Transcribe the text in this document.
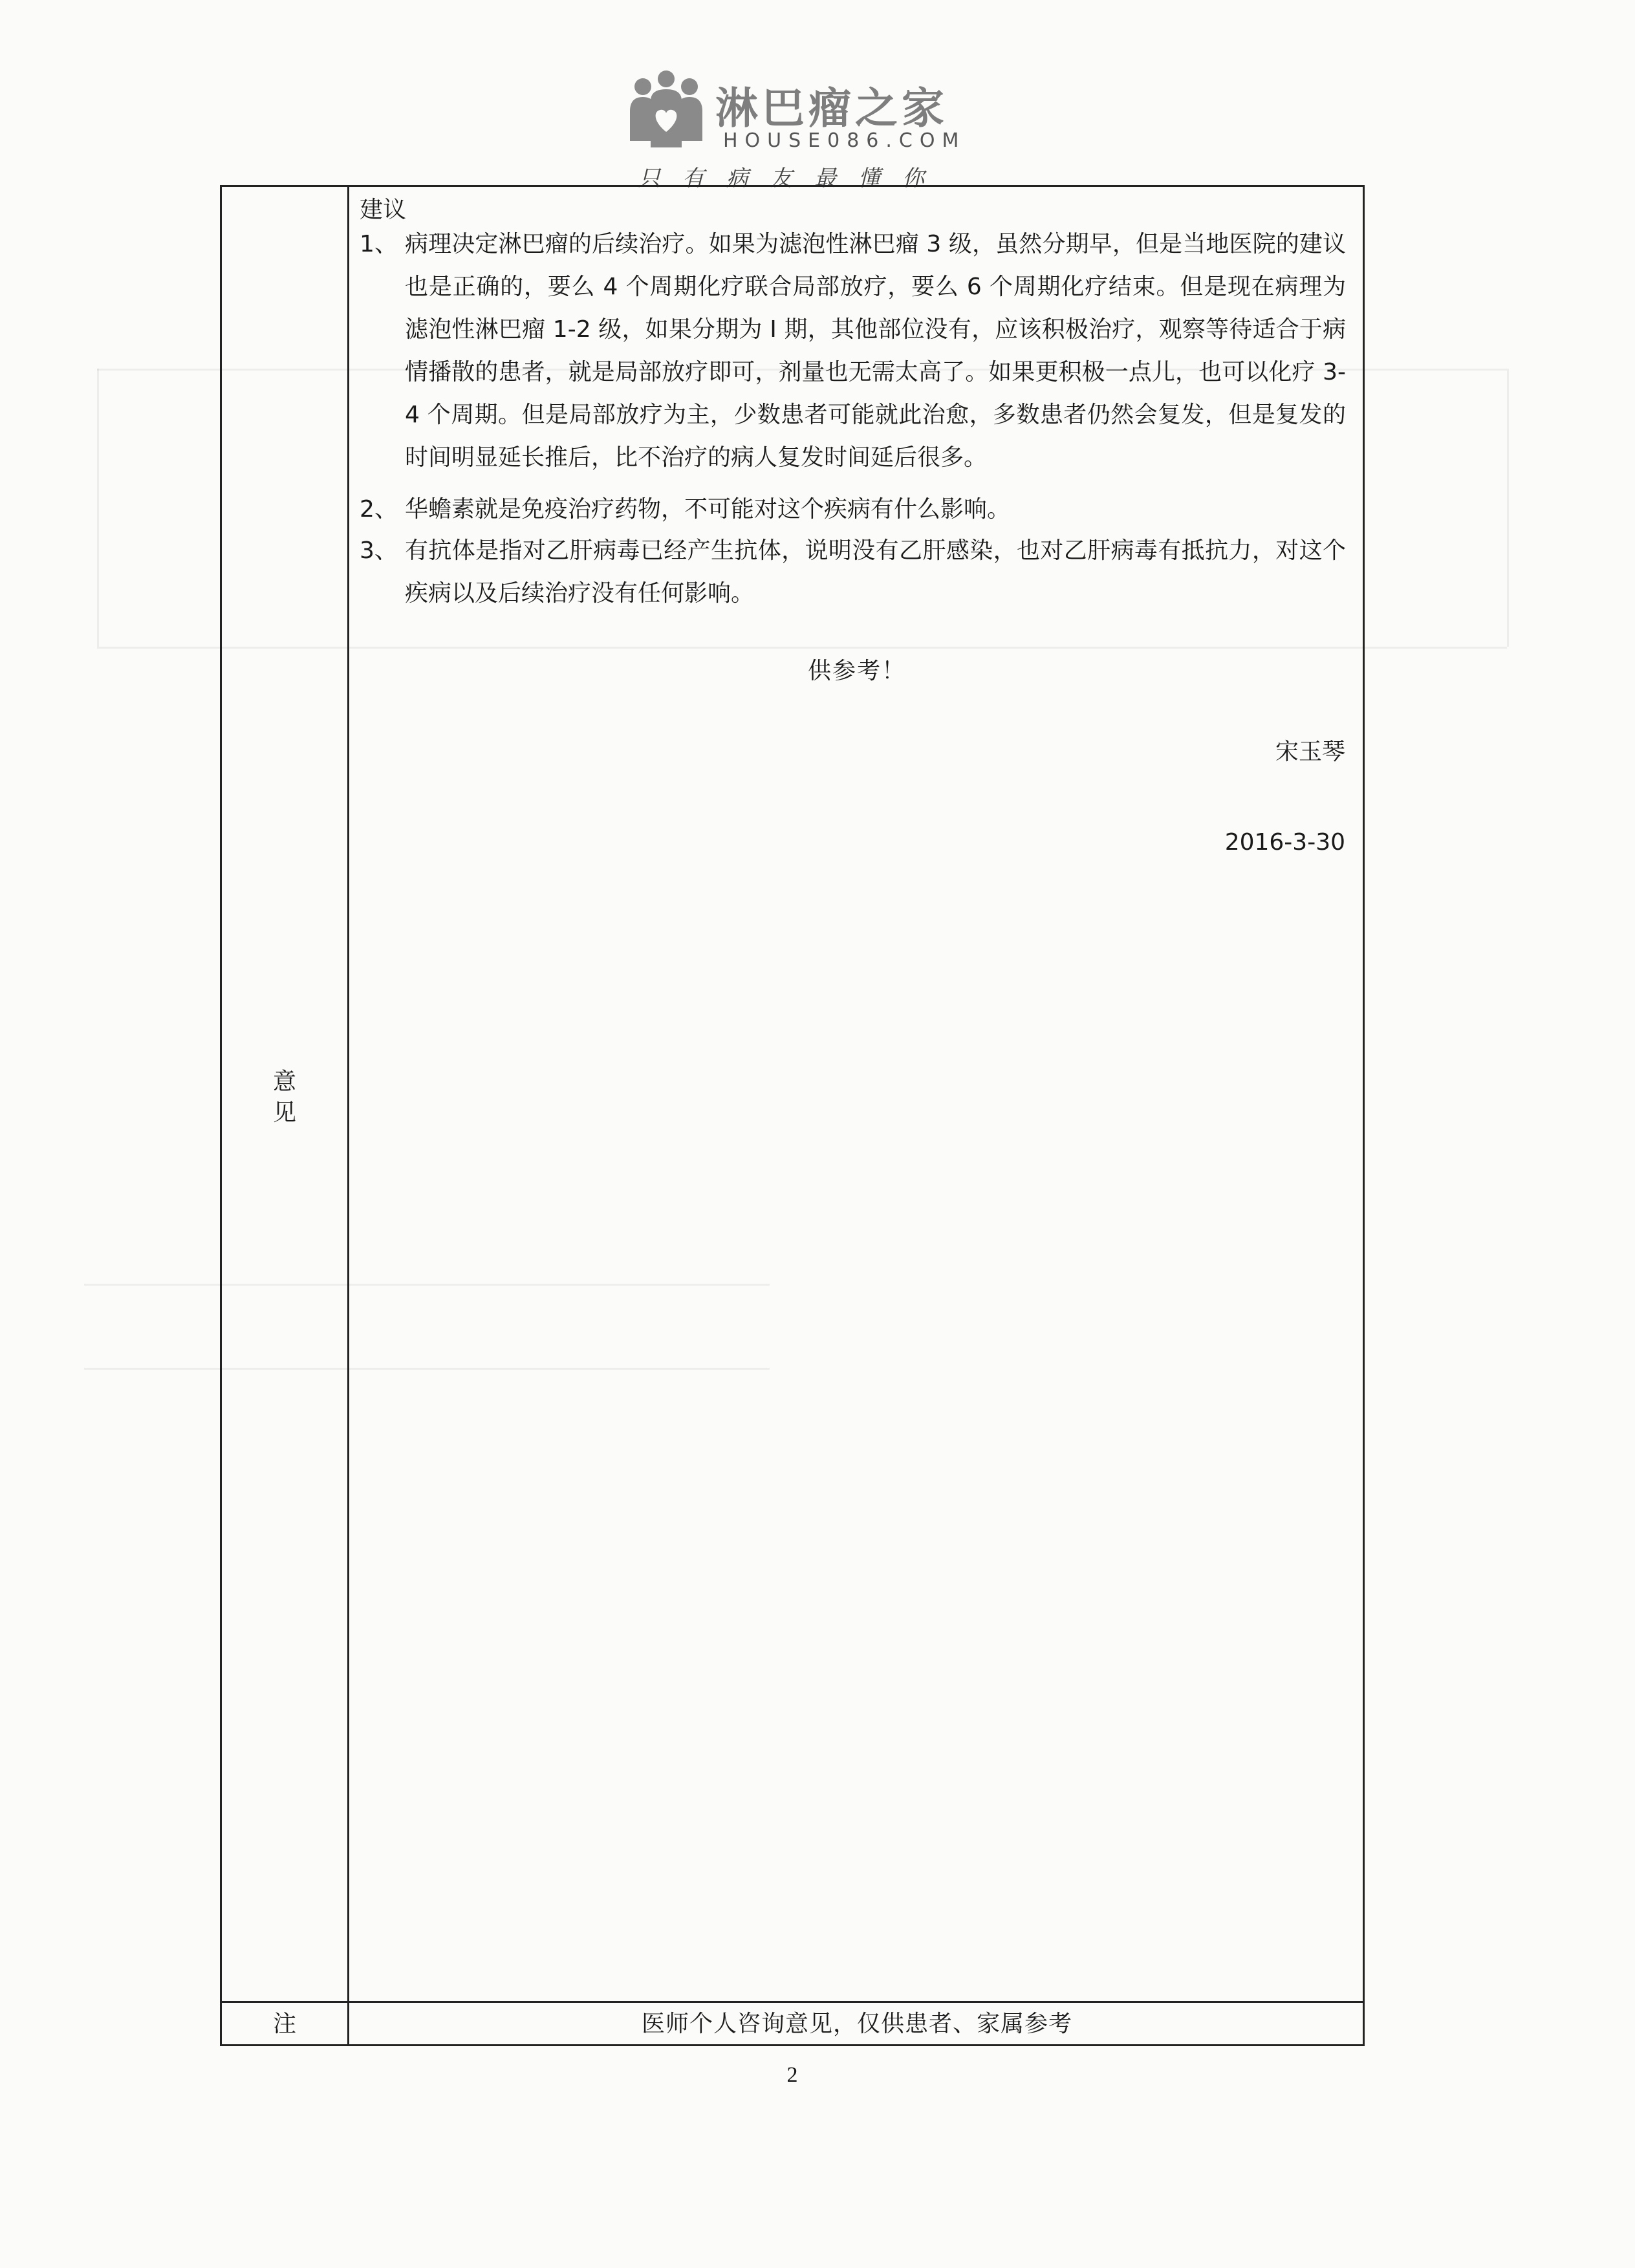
淋巴瘤之家
HOUSE086.COM
只有病友最懂你
意
见
建议
1、 病理决定淋巴瘤的后续治疗。如果为滤泡性淋巴瘤 3 级，虽然分期早，但是当地医院的建议也是正确的，要么 4 个周期化疗联合局部放疗，要么 6 个周期化疗结束。但是现在病理为滤泡性淋巴瘤 1-2 级，如果分期为 I 期，其他部位没有，应该积极治疗，观察等待适合于病情播散的患者，就是局部放疗即可，剂量也无需太高了。如果更积极一点儿，也可以化疗 3-4 个周期。但是局部放疗为主，少数患者可能就此治愈，多数患者仍然会复发，但是复发的时间明显延长推后，比不治疗的病人复发时间延后很多。
2、 华蟾素就是免疫治疗药物，不可能对这个疾病有什么影响。
3、 有抗体是指对乙肝病毒已经产生抗体，说明没有乙肝感染，也对乙肝病毒有抵抗力，对这个疾病以及后续治疗没有任何影响。
供参考！
宋玉琴
2016-3-30
注	医师个人咨询意见，仅供患者、家属参考
2
